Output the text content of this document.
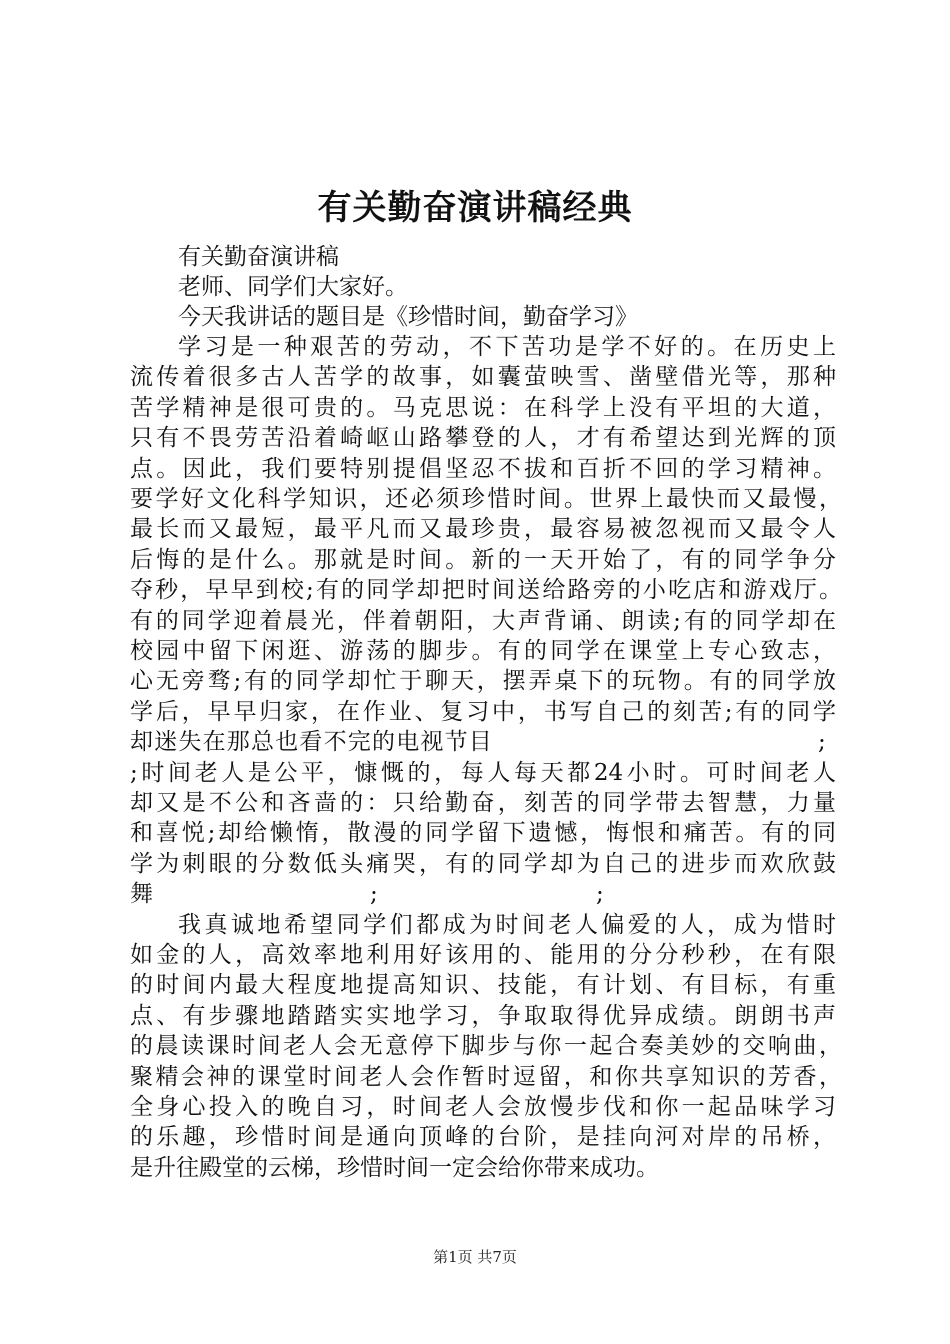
有关勤奋演讲稿经典

有关勤奋演讲稿

老师、同学们大家好。

今天我讲话的题目是《珍惜时间，勤奋学习》

学习是一种艰苦的劳动，不下苦功是学不好的。在历史上

流传着很多古人苦学的故事，如囊萤映雪、凿壁借光等，那种

苦学精神是很可贵的。马克思说：在科学上没有平坦的大道，

只有不畏劳苦沿着崎岖山路攀登的人，才有希望达到光辉的顶

点。因此，我们要特别提倡坚忍不拔和百折不回的学习精神。

要学好文化科学知识，还必须珍惜时间。世界上最快而又最慢，

最长而又最短，最平凡而又最珍贵，最容易被忽视而又最令人

后悔的是什么。那就是时间。新的一天开始了，有的同学争分

夺秒，早早到校;有的同学却把时间送给路旁的小吃店和游戏厅。

有的同学迎着晨光，伴着朝阳，大声背诵、朗读;有的同学却在

校园中留下闲逛、游荡的脚步。有的同学在课堂上专心致志，

心无旁骛;有的同学却忙于聊天，摆弄桌下的玩物。有的同学放

学后，早早归家，在作业、复习中，书写自己的刻苦;有的同学

却迷失在那总也看不完的电视节目	;

;时间老人是公平，慷慨的，每人每天都24小时。可时间老人

却又是不公和吝啬的：只给勤奋，刻苦的同学带去智慧，力量

和喜悦;却给懒惰，散漫的同学留下遗憾，悔恨和痛苦。有的同

学为刺眼的分数低头痛哭，有的同学却为自己的进步而欢欣鼓

舞	;	;

我真诚地希望同学们都成为时间老人偏爱的人，成为惜时

如金的人，高效率地利用好该用的、能用的分分秒秒，在有限

的时间内最大程度地提高知识、技能，有计划、有目标，有重

点、有步骤地踏踏实实地学习，争取取得优异成绩。朗朗书声

的晨读课时间老人会无意停下脚步与你一起合奏美妙的交响曲，

聚精会神的课堂时间老人会作暂时逗留，和你共享知识的芳香，

全身心投入的晚自习，时间老人会放慢步伐和你一起品味学习

的乐趣，珍惜时间是通向顶峰的台阶，是挂向河对岸的吊桥，

是升往殿堂的云梯，珍惜时间一定会给你带来成功。

第1页 共7页
